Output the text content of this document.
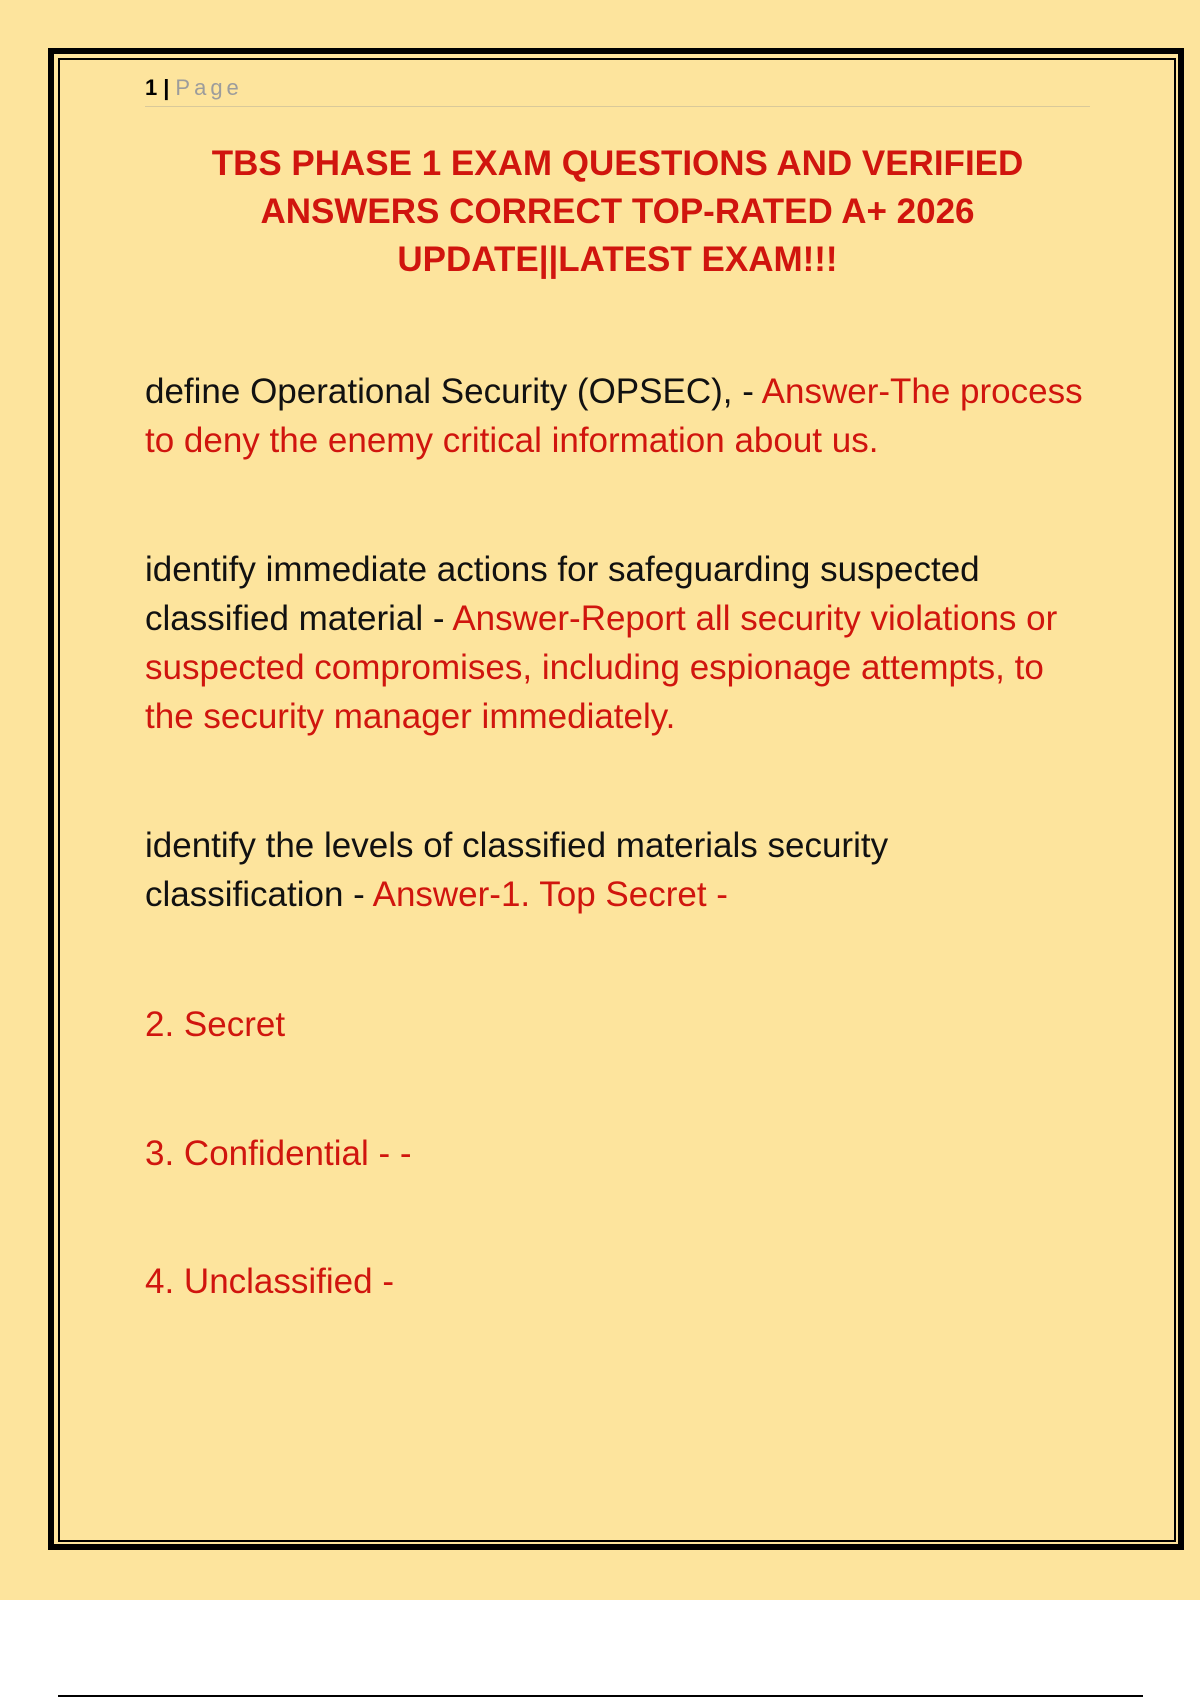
1 | Page
TBS PHASE 1 EXAM QUESTIONS AND VERIFIED ANSWERS CORRECT TOP-RATED A+ 2026 UPDATE||LATEST EXAM!!!
define Operational Security (OPSEC), - Answer-The process to deny the enemy critical information about us.
identify immediate actions for safeguarding suspected classified material - Answer-Report all security violations or suspected compromises, including espionage attempts, to the security manager immediately.
identify the levels of classified materials security classification - Answer-1. Top Secret -
2. Secret
3. Confidential - -
4. Unclassified -
